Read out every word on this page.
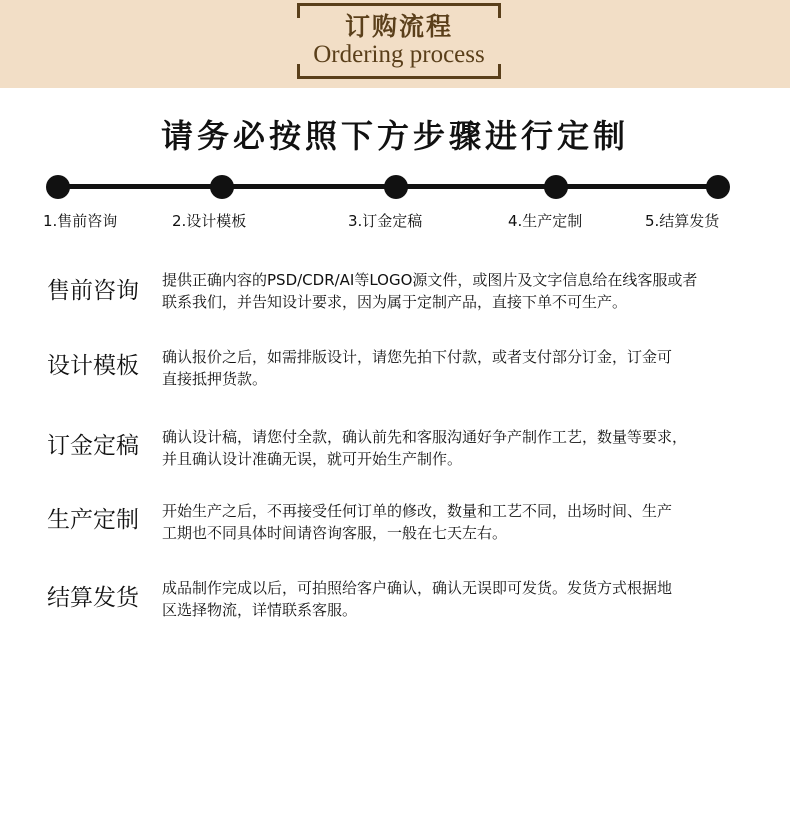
订购流程
Ordering process
请务必按照下方步骤进行定制
1.售前咨询	2.设计模板	3.订金定稿	4.生产定制	5.结算发货
售前咨询 提供正确内容的PSD/CDR/AI等LOGO源文件，或图片及文字信息给在线客服或者
联系我们，并告知设计要求，因为属于定制产品，直接下单不可生产。
设计模板 确认报价之后，如需排版设计，请您先拍下付款，或者支付部分订金，订金可
直接抵押货款。
订金定稿 确认设计稿，请您付全款，确认前先和客服沟通好争产制作工艺，数量等要求，
并且确认设计准确无误，就可开始生产制作。
生产定制 开始生产之后，不再接受任何订单的修改，数量和工艺不同，出场时间、生产
工期也不同具体时间请咨询客服，一般在七天左右。
结算发货 成品制作完成以后，可拍照给客户确认，确认无误即可发货。发货方式根据地
区选择物流，详情联系客服。
